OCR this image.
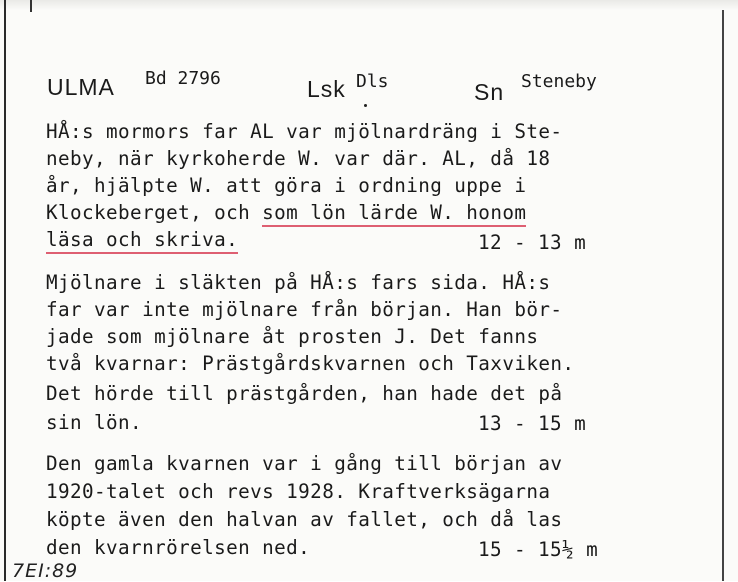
ULMA Bd 2796	Lsk Dls	Sn Steneby
HÅ:s mormors far AL var mjölnardräng i Ste-
neby, när kyrkoherde W. var där. AL, då 18
år, hjälpte W. att göra i ordning uppe i
Klockeberget, och som lön lärde W. honom
läsa och skriva.	12 - 13 m
Mjölnare i släkten på HÅ:s fars sida. HÅ:s
far var inte mjölnare från början. Han bör-
jade som mjölnare åt prosten J. Det fanns
två kvarnar: Prästgårdskvarnen och Taxviken.
Det hörde till prästgården, han hade det på
sin lön.	13 - 15 m
Den gamla kvarnen var i gång till början av
1920-talet och revs 1928. Kraftverksägarna
köpte även den halvan av fallet, och då las
den kvarnrörelsen ned.	15 - 15½ m
7EI:89
